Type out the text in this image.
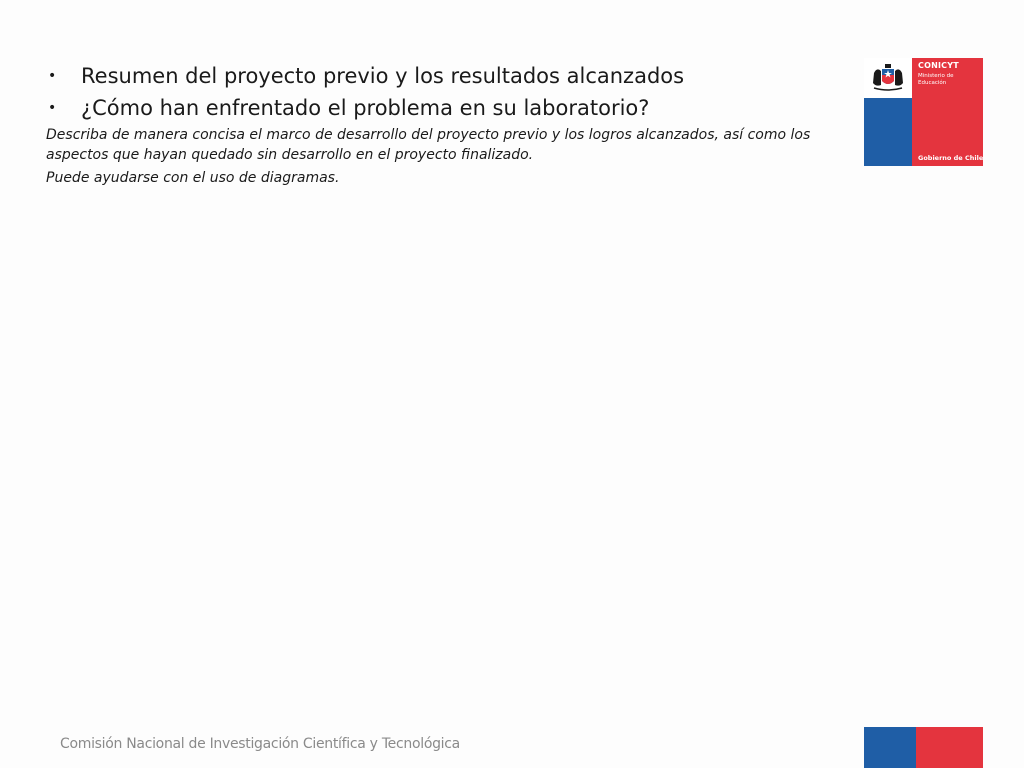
•	Resumen del proyecto previo y los resultados alcanzados
•	¿Cómo han enfrentado el problema en su laboratorio?

Describa de manera concisa el marco de desarrollo del proyecto previo y los logros alcanzados, así como los aspectos que hayan quedado sin desarrollo en el proyecto finalizado.

Puede ayudarse con el uso de diagramas.

CONICYT
Ministerio de Educación
Gobierno de Chile
Comisión Nacional de Investigación Científica y Tecnológica
